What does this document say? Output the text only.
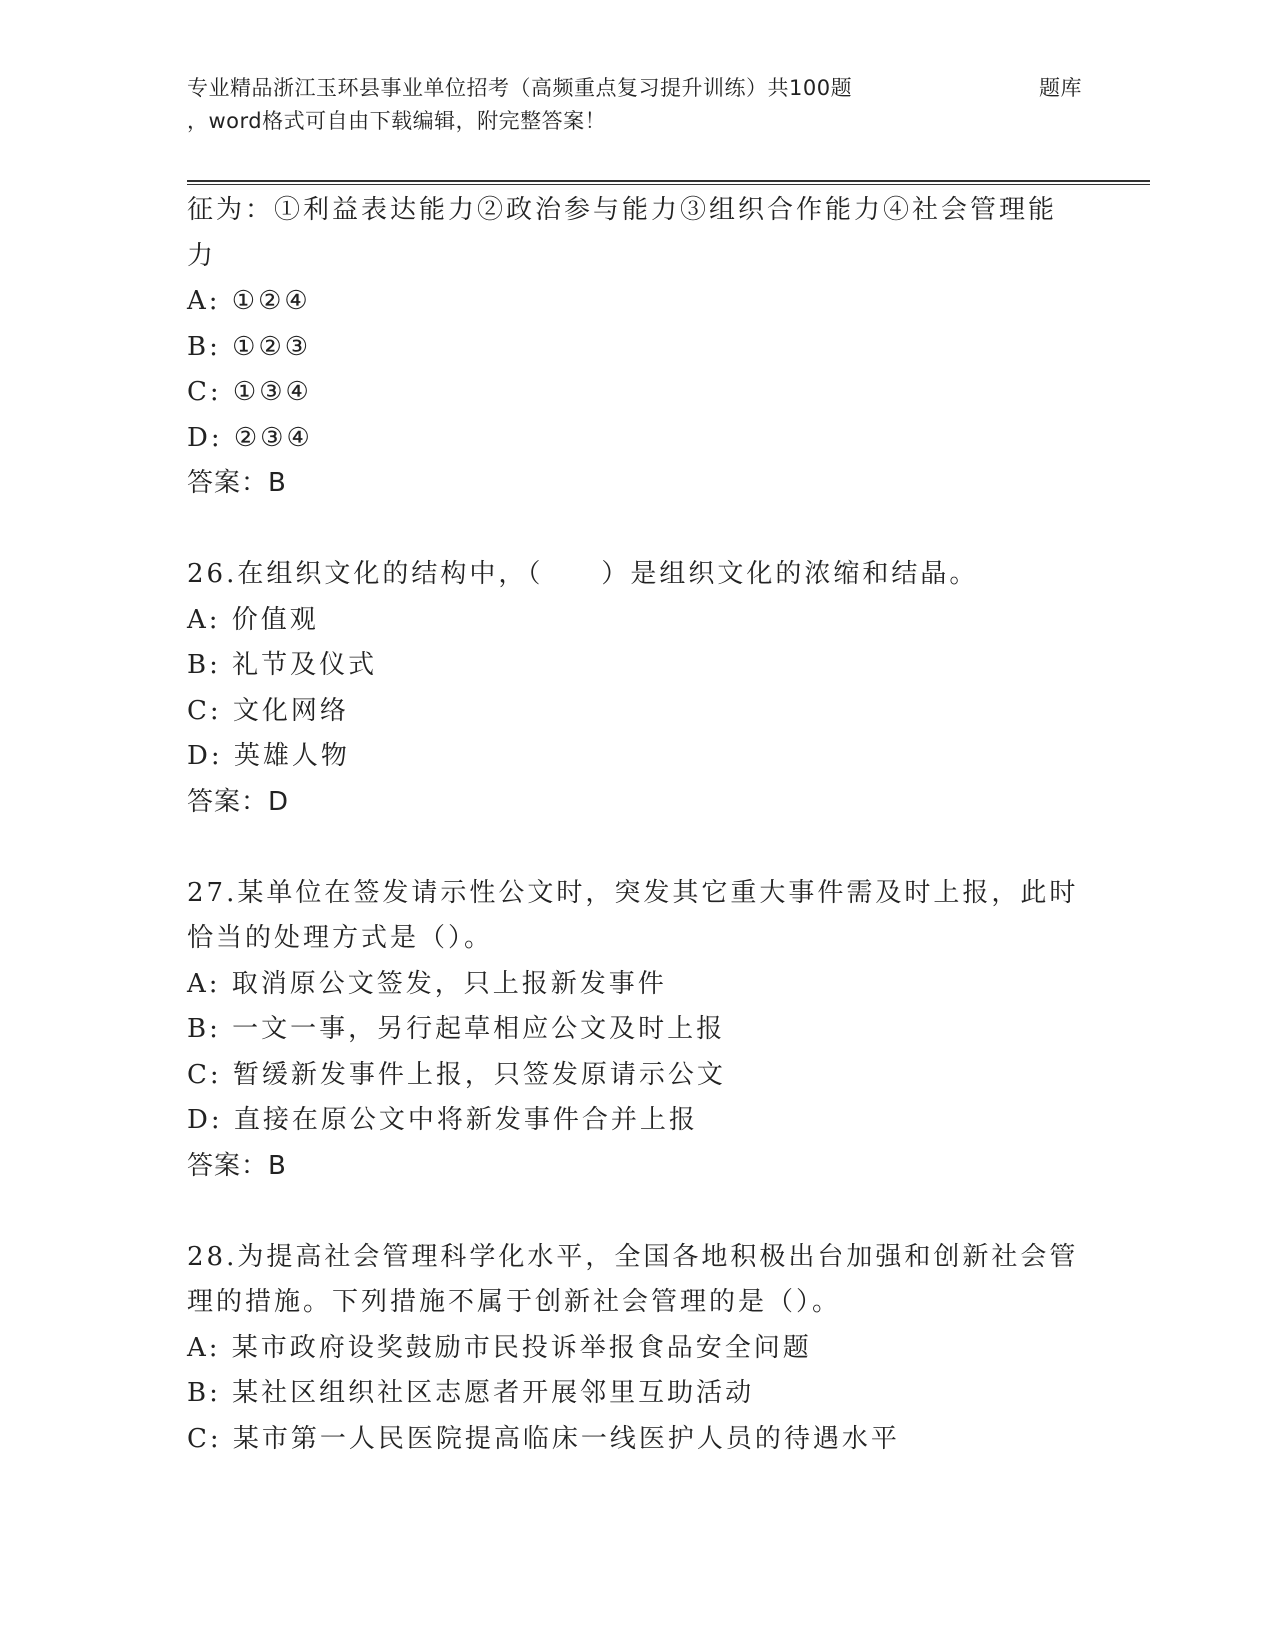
专业精品浙江玉环县事业单位招考（高频重点复习提升训练）共100题	题库
，word格式可自由下载编辑，附完整答案！
征为：①利益表达能力②政治参与能力③组织合作能力④社会管理能
力
A: ①②④
B: ①②③
C: ①③④
D: ②③④
答案：B
26.在组织文化的结构中，（　　）是组织文化的浓缩和结晶。
A: 价值观
B: 礼节及仪式
C: 文化网络
D: 英雄人物
答案：D
27.某单位在签发请示性公文时，突发其它重大事件需及时上报，此时
恰当的处理方式是（）。
A: 取消原公文签发，只上报新发事件
B: 一文一事，另行起草相应公文及时上报
C: 暂缓新发事件上报，只签发原请示公文
D: 直接在原公文中将新发事件合并上报
答案：B
28.为提高社会管理科学化水平，全国各地积极出台加强和创新社会管
理的措施。下列措施不属于创新社会管理的是（）。
A: 某市政府设奖鼓励市民投诉举报食品安全问题
B: 某社区组织社区志愿者开展邻里互助活动
C: 某市第一人民医院提高临床一线医护人员的待遇水平
